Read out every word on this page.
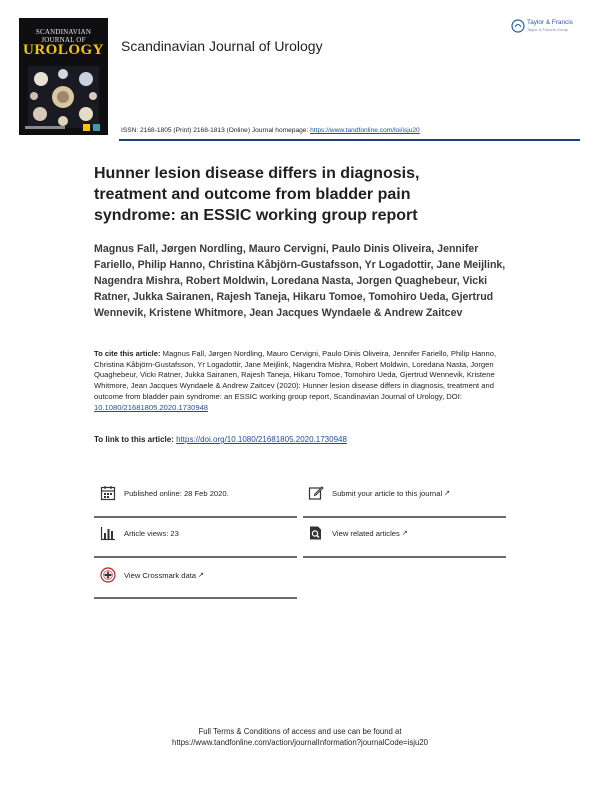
SCANDINAVIAN
JOURNAL OF
UROLOGY Scandinavian Journal of Urology
ISSN: 2168-1805 (Print) 2168-1813 (Online) Journal homepage: https://www.tandfonline.com/loi/isju20
Taylor & Francis
Taylor & Francis Group
Hunner lesion disease differs in diagnosis, treatment and outcome from bladder pain syndrome: an ESSIC working group report
Magnus Fall, Jørgen Nordling, Mauro Cervigni, Paulo Dinis Oliveira, Jennifer Fariello, Philip Hanno, Christina Kåbjörn-Gustafsson, Yr Logadottir, Jane Meijlink, Nagendra Mishra, Robert Moldwin, Loredana Nasta, Jorgen Quaghebeur, Vicki Ratner, Jukka Sairanen, Rajesh Taneja, Hikaru Tomoe, Tomohiro Ueda, Gjertrud Wennevik, Kristene Whitmore, Jean Jacques Wyndaele & Andrew Zaitcev
To cite this article: Magnus Fall, Jørgen Nordling, Mauro Cervigni, Paulo Dinis Oliveira, Jennifer Fariello, Philip Hanno, Christina Kåbjörn-Gustafsson, Yr Logadottir, Jane Meijlink, Nagendra Mishra, Robert Moldwin, Loredana Nasta, Jorgen Quaghebeur, Vicki Ratner, Jukka Sairanen, Rajesh Taneja, Hikaru Tomoe, Tomohiro Ueda, Gjertrud Wennevik, Kristene Whitmore, Jean Jacques Wyndaele & Andrew Zaitcev (2020): Hunner lesion disease differs in diagnosis, treatment and outcome from bladder pain syndrome: an ESSIC working group report, Scandinavian Journal of Urology, DOI: 10.1080/21681805.2020.1730948
To link to this article: https://doi.org/10.1080/21681805.2020.1730948
Published online: 28 Feb 2020.	Submit your article to this journal ↗
Article views: 23	View related articles ↗
View Crossmark data ↗
Full Terms & Conditions of access and use can be found at
https://www.tandfonline.com/action/journalInformation?journalCode=isju20
